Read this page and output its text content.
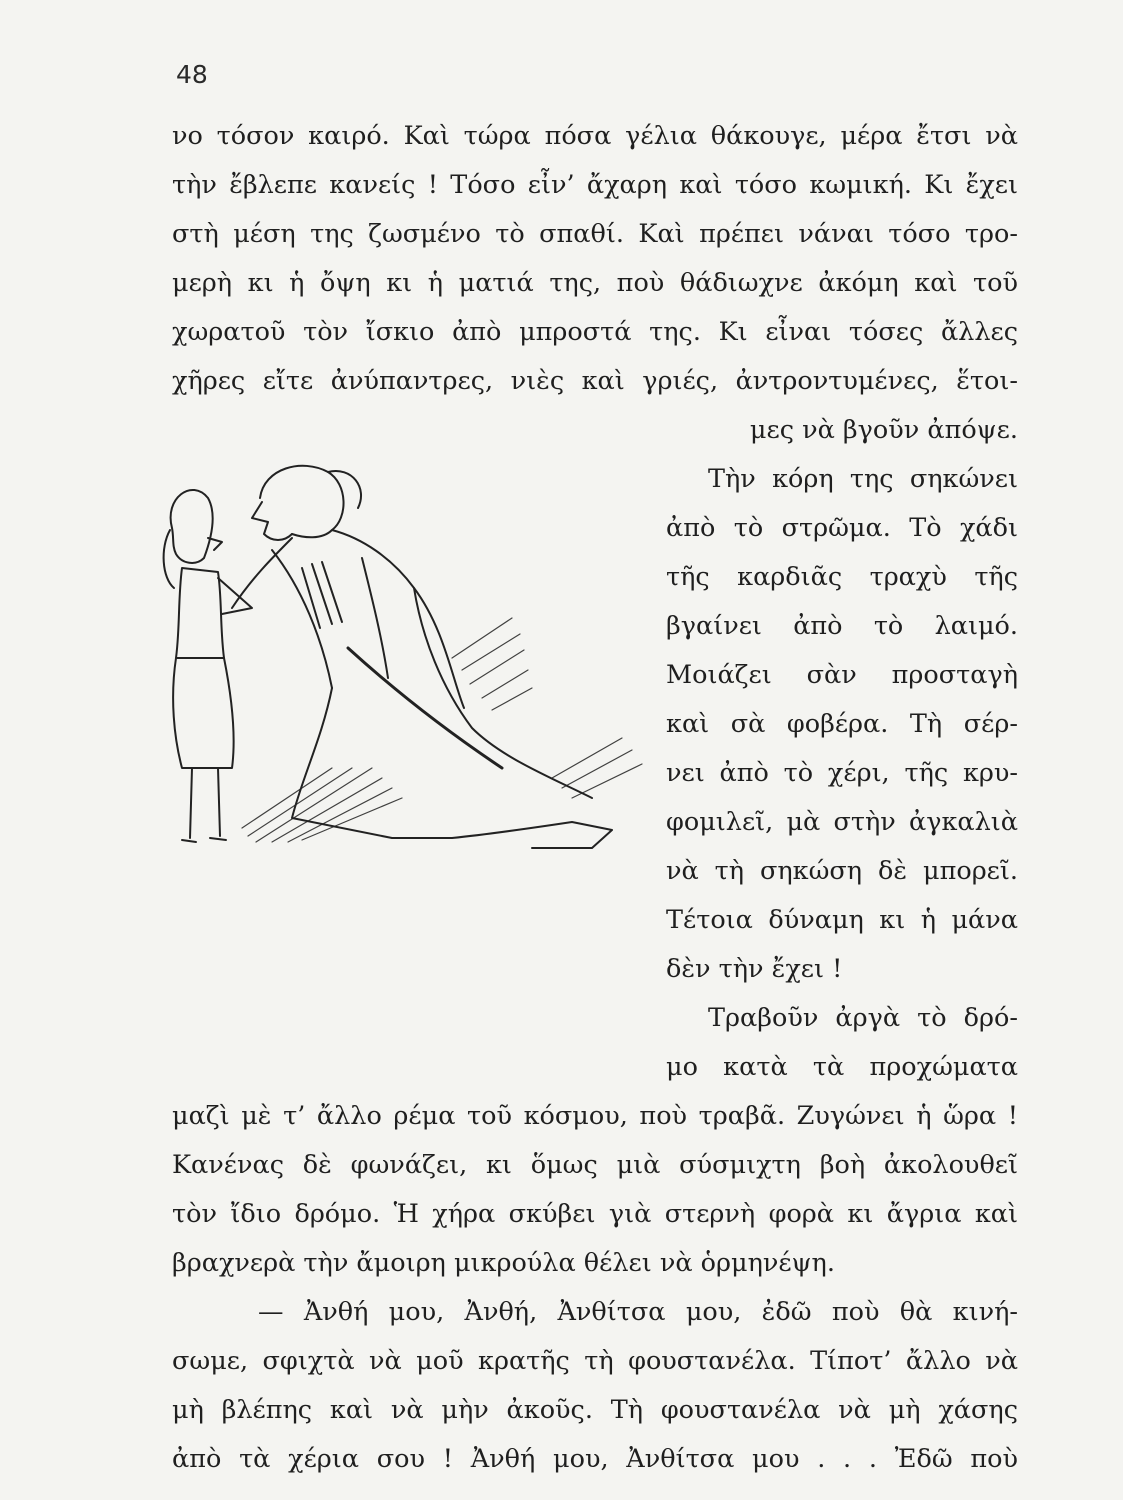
48
νο τόσον καιρό. Καὶ τώρα πόσα γέλια θάκουγε, μέρα ἔτσι νὰ
τὴν ἔβλεπε κανείς ! Τόσο εἶν’ ἄχαρη καὶ τόσο κωμική. Κι ἔχει
στὴ μέση της ζωσμένο τὸ σπαθί. Καὶ πρέπει νάναι τόσο τρο-
μερὴ κι ἡ ὄψη κι ἡ ματιά της, ποὺ θάδιωχνε ἀκόμη καὶ τοῦ
χωρατοῦ τὸν ἴσκιο ἀπὸ μπροστά της. Κι εἶναι τόσες ἄλλες
χῆρες εἴτε ἀνύπαντρες, νιὲς καὶ γριές, ἀντροντυμένες, ἕτοι-
μες νὰ βγοῦν ἀπόψε.
Τὴν κόρη της σηκώνει
ἀπὸ τὸ στρῶμα. Τὸ χάδι
τῆς καρδιᾶς τραχὺ τῆς
βγαίνει ἀπὸ τὸ λαιμό.
Μοιάζει σὰν προσταγὴ
καὶ σὰ φοβέρα. Τὴ σέρ-
νει ἀπὸ τὸ χέρι, τῆς κρυ-
φομιλεῖ, μὰ στὴν ἀγκαλιὰ
νὰ τὴ σηκώση δὲ μπορεῖ.
Τέτοια δύναμη κι ἡ μάνα
δὲν τὴν ἔχει !
Τραβοῦν ἀργὰ τὸ δρό-
μο κατὰ τὰ προχώματα
μαζὶ μὲ τ’ ἄλλο ρέμα τοῦ κόσμου, ποὺ τραβᾶ. Ζυγώνει ἡ ὥρα !
Κανένας δὲ φωνάζει, κι ὅμως μιὰ σύσμιχτη βοὴ ἀκολουθεῖ
τὸν ἴδιο δρόμο. Ἡ χήρα σκύβει γιὰ στερνὴ φορὰ κι ἄγρια καὶ
βραχνερὰ τὴν ἄμοιρη μικρούλα θέλει νὰ ὁρμηνέψη.
— Ἀνθή μου, Ἀνθή, Ἀνθίτσα μου, ἐδῶ ποὺ θὰ κινή-
σωμε, σφιχτὰ νὰ μοῦ κρατῆς τὴ φουστανέλα. Τίποτ’ ἄλλο νὰ
μὴ βλέπης καὶ νὰ μὴν ἀκοῦς. Τὴ φουστανέλα νὰ μὴ χάσης
ἀπὸ τὰ χέρια σου ! Ἀνθή μου, Ἀνθίτσα μου . . . Ἐδῶ ποὺ
